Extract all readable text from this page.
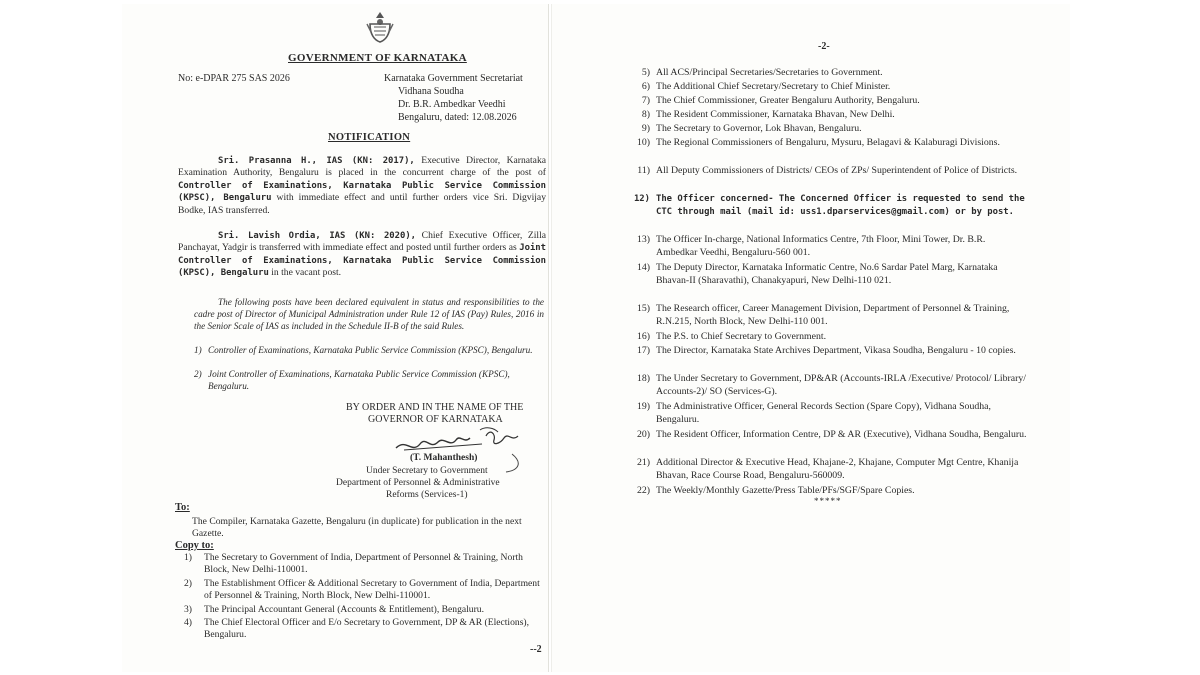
GOVERNMENT OF KARNATAKA
No: e-DPAR 275 SAS 2026	Karnataka Government Secretariat
Vidhana Soudha
Dr. B.R. Ambedkar Veedhi
Bengaluru, dated: 12.08.2026
NOTIFICATION
Sri. Prasanna H., IAS (KN: 2017), Executive Director, Karnataka Examination Authority, Bengaluru is placed in the concurrent charge of the post of Controller of Examinations, Karnataka Public Service Commission (KPSC), Bengaluru with immediate effect and until further orders vice Sri. Digvijay Bodke, IAS transferred.
Sri. Lavish Ordia, IAS (KN: 2020), Chief Executive Officer, Zilla Panchayat, Yadgir is transferred with immediate effect and posted until further orders as Joint Controller of Examinations, Karnataka Public Service Commission (KPSC), Bengaluru in the vacant post.
The following posts have been declared equivalent in status and responsibilities to the cadre post of Director of Municipal Administration under Rule 12 of IAS (Pay) Rules, 2016 in the Senior Scale of IAS as included in the Schedule II-B of the said Rules.
1) Controller of Examinations, Karnataka Public Service Commission (KPSC), Bengaluru.
2) Joint Controller of Examinations, Karnataka Public Service Commission (KPSC), Bengaluru.
BY ORDER AND IN THE NAME OF THE
GOVERNOR OF KARNATAKA
(T. Mahanthesh)
Under Secretary to Government
Department of Personnel & Administrative
Reforms (Services-1)
To:
The Compiler, Karnataka Gazette, Bengaluru (in duplicate) for publication in the next Gazette.
Copy to:
1) The Secretary to Government of India, Department of Personnel & Training, North Block, New Delhi-110001.
2) The Establishment Officer & Additional Secretary to Government of India, Department of Personnel & Training, North Block, New Delhi-110001.
3) The Principal Accountant General (Accounts & Entitlement), Bengaluru.
4) The Chief Electoral Officer and E/o Secretary to Government, DP & AR (Elections), Bengaluru.
--2
-2-
5) All ACS/Principal Secretaries/Secretaries to Government.
6) The Additional Chief Secretary/Secretary to Chief Minister.
7) The Chief Commissioner, Greater Bengaluru Authority, Bengaluru.
8) The Resident Commissioner, Karnataka Bhavan, New Delhi.
9) The Secretary to Governor, Lok Bhavan, Bengaluru.
10) The Regional Commissioners of Bengaluru, Mysuru, Belagavi & Kalaburagi Divisions.
11) All Deputy Commissioners of Districts/ CEOs of ZPs/ Superintendent of Police of Districts.
12) The Officer concerned- The Concerned Officer is requested to send the CTC through mail (mail id: uss1.dparservices@gmail.com) or by post.
13) The Officer In-charge, National Informatics Centre, 7th Floor, Mini Tower, Dr. B.R. Ambedkar Veedhi, Bengaluru-560 001.
14) The Deputy Director, Karnataka Informatic Centre, No.6 Sardar Patel Marg, Karnataka Bhavan-II (Sharavathi), Chanakyapuri, New Delhi-110 021.
15) The Research officer, Career Management Division, Department of Personnel & Training, R.N.215, North Block, New Delhi-110 001.
16) The P.S. to Chief Secretary to Government.
17) The Director, Karnataka State Archives Department, Vikasa Soudha, Bengaluru - 10 copies.
18) The Under Secretary to Government, DP&AR (Accounts-IRLA /Executive/ Protocol/ Library/ Accounts-2)/ SO (Services-G).
19) The Administrative Officer, General Records Section (Spare Copy), Vidhana Soudha, Bengaluru.
20) The Resident Officer, Information Centre, DP & AR (Executive), Vidhana Soudha, Bengaluru.
21) Additional Director & Executive Head, Khajane-2, Khajane, Computer Mgt Centre, Khanija Bhavan, Race Course Road, Bengaluru-560009.
22) The Weekly/Monthly Gazette/Press Table/PFs/SGF/Spare Copies.
*****
